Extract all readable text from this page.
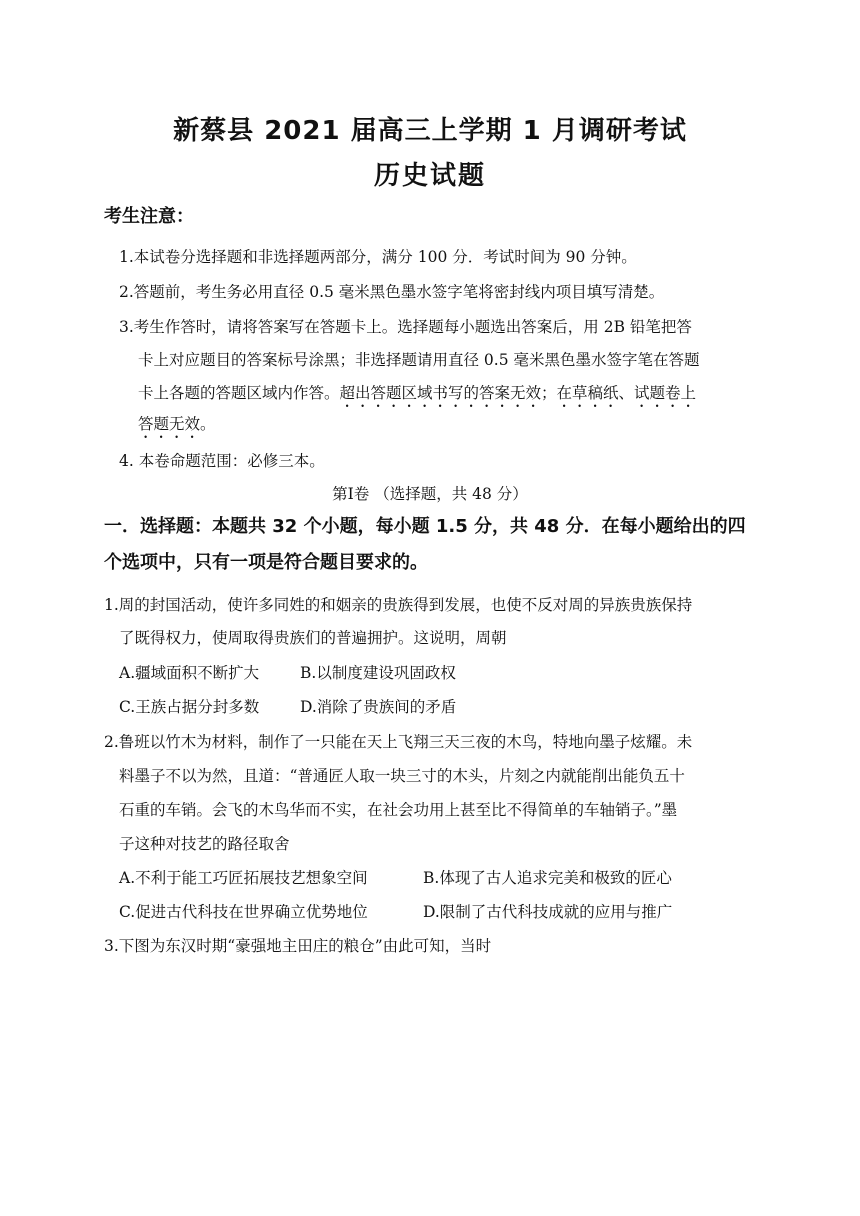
新蔡县 2021 届高三上学期 1 月调研考试
历史试题
考生注意：
1.本试卷分选择题和非选择题两部分，满分 100 分．考试时间为 90 分钟。
2.答题前，考生务必用直径 0.5 毫米黑色墨水签字笔将密封线内项目填写清楚。
3.考生作答时，请将答案写在答题卡上。选择题每小题选出答案后，用 2B 铅笔把答
卡上对应题目的答案标号涂黑；非选择题请用直径 0.5 毫米黑色墨水签字笔在答题
卡上各题的答题区域内作答。超出答题区域书写的答案无效；在草稿纸、试题卷上
答题无效。
4. 本卷命题范围：必修三本。
第Ⅰ卷 （选择题，共 48 分）
一．选择题：本题共 32 个小题，每小题 1.5 分，共 48 分．在每小题给出的四
个选项中，只有一项是符合题目要求的。
1.周的封国活动，使许多同姓的和姻亲的贵族得到发展，也使不反对周的异族贵族保持
了既得权力，使周取得贵族们的普遍拥护。这说明，周朝
A.疆域面积不断扩大	B.以制度建设巩固政权
C.王族占据分封多数	D.消除了贵族间的矛盾
2.鲁班以竹木为材料，制作了一只能在天上飞翔三天三夜的木鸟，特地向墨子炫耀。未
料墨子不以为然，且道：“普通匠人取一块三寸的木头，片刻之内就能削出能负五十
石重的车销。会飞的木鸟华而不实，在社会功用上甚至比不得简单的车轴销子。”墨
子这种对技艺的路径取舍
A.不利于能工巧匠拓展技艺想象空间	B.体现了古人追求完美和极致的匠心
C.促进古代科技在世界确立优势地位	D.限制了古代科技成就的应用与推广
3.下图为东汉时期“豪强地主田庄的粮仓”由此可知，当时
